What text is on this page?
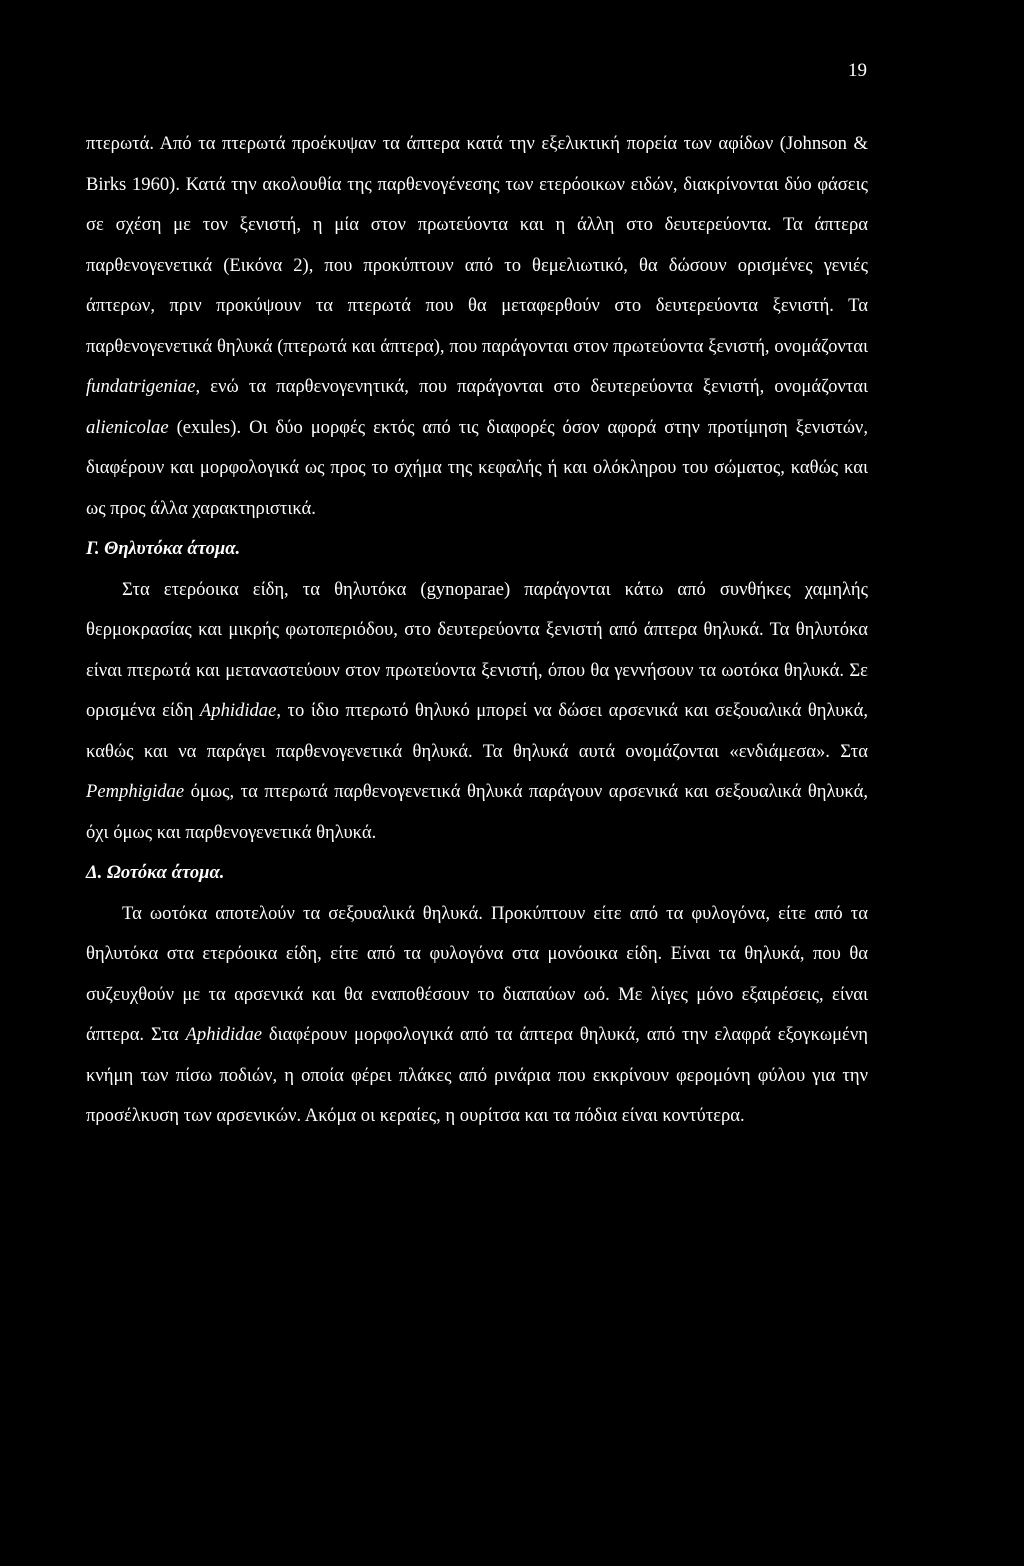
19

πτερωτά. Από τα πτερωτά προέκυψαν τα άπτερα κατά την εξελικτική πορεία των αφίδων (Johnson & Birks 1960). Κατά την ακολουθία της παρθενογένεσης των ετερόοικων ειδών, διακρίνονται δύο φάσεις σε σχέση με τον ξενιστή, η μία στον πρωτεύοντα και η άλλη στο δευτερεύοντα. Τα άπτερα παρθενογενετικά (Εικόνα 2), που προκύπτουν από το θεμελιωτικό, θα δώσουν ορισμένες γενιές άπτερων, πριν προκύψουν τα πτερωτά που θα μεταφερθούν στο δευτερεύοντα ξενιστή. Τα παρθενογενετικά θηλυκά (πτερωτά και άπτερα), που παράγονται στον πρωτεύοντα ξενιστή, ονομάζονται fundatrigeniae, ενώ τα παρθενογενητικά, που παράγονται στο δευτερεύοντα ξενιστή, ονομάζονται alienicolae (exules). Οι δύο μορφές εκτός από τις διαφορές όσον αφορά στην προτίμηση ξενιστών, διαφέρουν και μορφολογικά ως προς το σχήμα της κεφαλής ή και ολόκληρου του σώματος, καθώς και ως προς άλλα χαρακτηριστικά.

Γ. Θηλυτόκα άτομα.

Στα ετερόοικα είδη, τα θηλυτόκα (gynoparae) παράγονται κάτω από συνθήκες χαμηλής θερμοκρασίας και μικρής φωτοπεριόδου, στο δευτερεύοντα ξενιστή από άπτερα θηλυκά. Τα θηλυτόκα είναι πτερωτά και μεταναστεύουν στον πρωτεύοντα ξενιστή, όπου θα γεννήσουν τα ωοτόκα θηλυκά. Σε ορισμένα είδη Aphididae, το ίδιο πτερωτό θηλυκό μπορεί να δώσει αρσενικά και σεξουαλικά θηλυκά, καθώς και να παράγει παρθενογενετικά θηλυκά. Τα θηλυκά αυτά ονομάζονται «ενδιάμεσα». Στα Pemphigidae όμως, τα πτερωτά παρθενογενετικά θηλυκά παράγουν αρσενικά και σεξουαλικά θηλυκά, όχι όμως και παρθενογενετικά θηλυκά.

Δ. Ωοτόκα άτομα.

Τα ωοτόκα αποτελούν τα σεξουαλικά θηλυκά. Προκύπτουν είτε από τα φυλογόνα, είτε από τα θηλυτόκα στα ετερόοικα είδη, είτε από τα φυλογόνα στα μονόοικα είδη. Είναι τα θηλυκά, που θα συζευχθούν με τα αρσενικά και θα εναποθέσουν το διαπαύων ωό. Με λίγες μόνο εξαιρέσεις, είναι άπτερα. Στα Aphididae διαφέρουν μορφολογικά από τα άπτερα θηλυκά, από την ελαφρά εξογκωμένη κνήμη των πίσω ποδιών, η οποία φέρει πλάκες από ρινάρια που εκκρίνουν φερομόνη φύλου για την προσέλκυση των αρσενικών. Ακόμα οι κεραίες, η ουρίτσα και τα πόδια είναι κοντύτερα.
